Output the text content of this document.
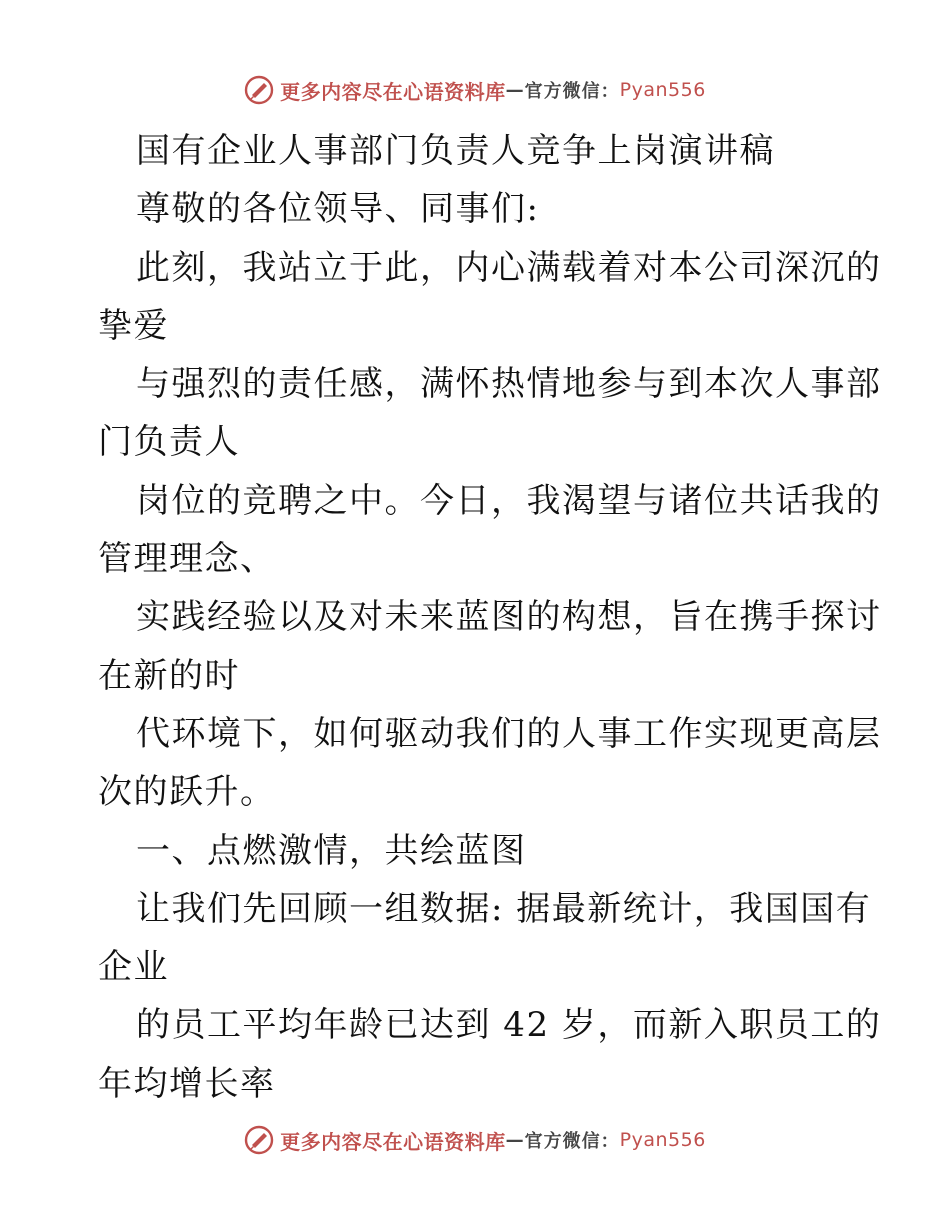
更多内容尽在心语资料库 — 官方微信： Pyan556
国有企业人事部门负责人竞争上岗演讲稿
尊敬的各位领导、同事们:
此刻，我站立于此，内心满载着对本公司深沉的
挚爱
与强烈的责任感，满怀热情地参与到本次人事部
门负责人
岗位的竞聘之中。今日，我渴望与诸位共话我的
管理理念、
实践经验以及对未来蓝图的构想，旨在携手探讨
在新的时
代环境下，如何驱动我们的人事工作实现更高层
次的跃升。
一、点燃激情，共绘蓝图
让我们先回顾一组数据: 据最新统计，我国国有
企业
的员工平均年龄已达到 42 岁，而新入职员工的
年均增长率
更多内容尽在心语资料库 — 官方微信： Pyan556
